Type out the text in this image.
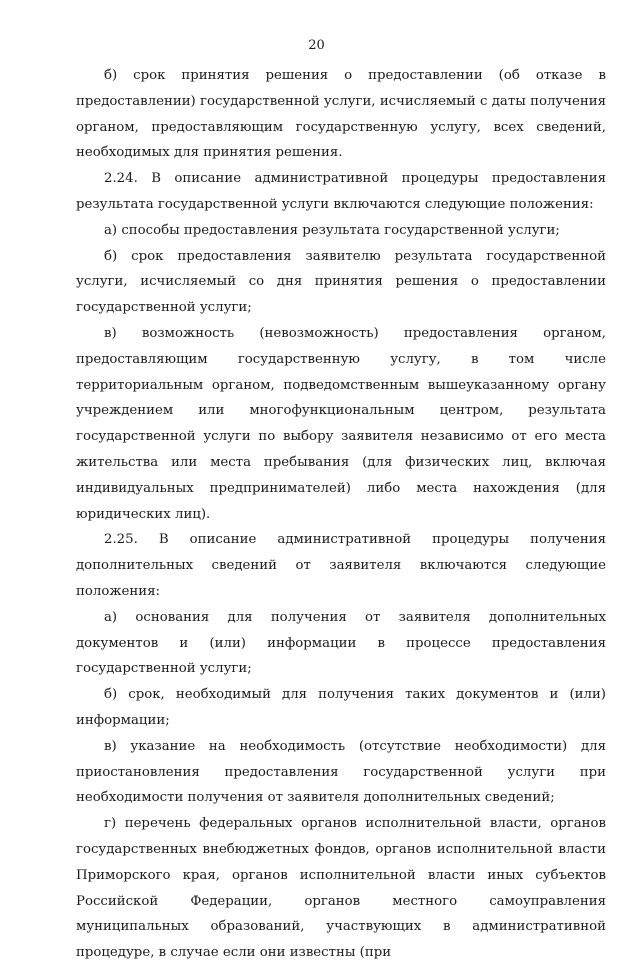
20

б) срок принятия решения о предоставлении (об отказе в предоставлении) государственной услуги, исчисляемый с даты получения органом, предоставляющим государственную услугу, всех сведений, необходимых для принятия решения.

2.24. В описание административной процедуры предоставления результата государственной услуги включаются следующие положения:

а) способы предоставления результата государственной услуги;

б) срок предоставления заявителю результата государственной услуги, исчисляемый со дня принятия решения о предоставлении государственной услуги;

в) возможность (невозможность) предоставления органом, предоставляющим государственную услугу, в том числе территориальным органом, подведомственным вышеуказанному органу учреждением или многофункциональным центром, результата государственной услуги по выбору заявителя независимо от его места жительства или места пребывания (для физических лиц, включая индивидуальных предпринимателей) либо места нахождения (для юридических лиц).

2.25. В описание административной процедуры получения дополнительных сведений от заявителя включаются следующие положения:

а) основания для получения от заявителя дополнительных документов и (или) информации в процессе предоставления государственной услуги;

б) срок, необходимый для получения таких документов и (или) информации;

в) указание на необходимость (отсутствие необходимости) для приостановления предоставления государственной услуги при необходимости получения от заявителя дополнительных сведений;

г) перечень федеральных органов исполнительной власти, органов государственных внебюджетных фондов, органов исполнительной власти Приморского края, органов исполнительной власти иных субъектов Российской Федерации, органов местного самоуправления муниципальных образований, участвующих в административной процедуре, в случае если они известны (при
